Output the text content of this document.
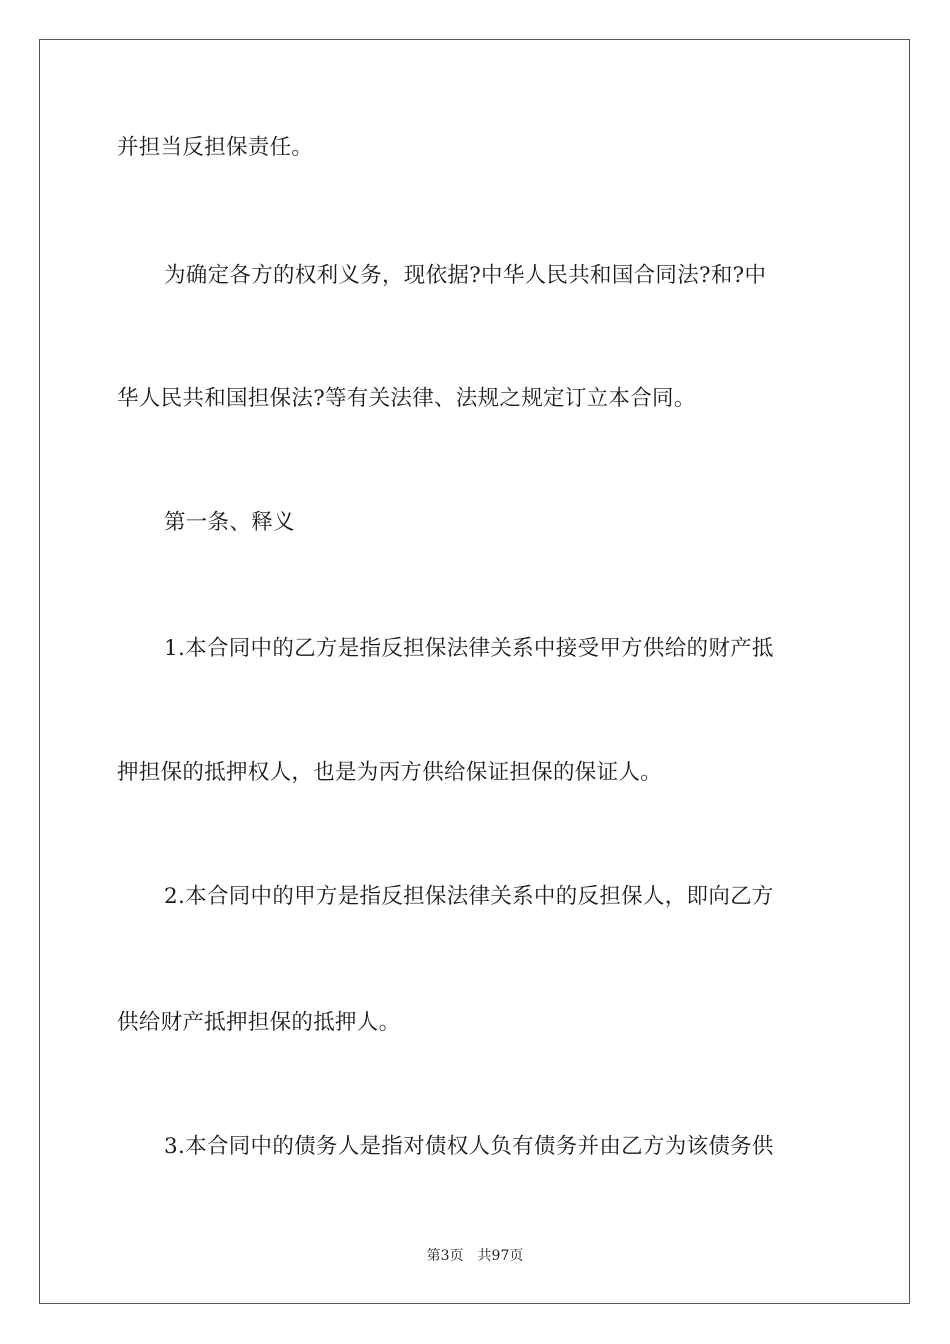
并担当反担保责任。
为确定各方的权利义务，现依据?中华人民共和国合同法?和?中
华人民共和国担保法?等有关法律、法规之规定订立本合同。
第一条、释义
1.本合同中的乙方是指反担保法律关系中接受甲方供给的财产抵
押担保的抵押权人，也是为丙方供给保证担保的保证人。
2.本合同中的甲方是指反担保法律关系中的反担保人，即向乙方
供给财产抵押担保的抵押人。
3.本合同中的债务人是指对债权人负有债务并由乙方为该债务供
第3页 共97页
